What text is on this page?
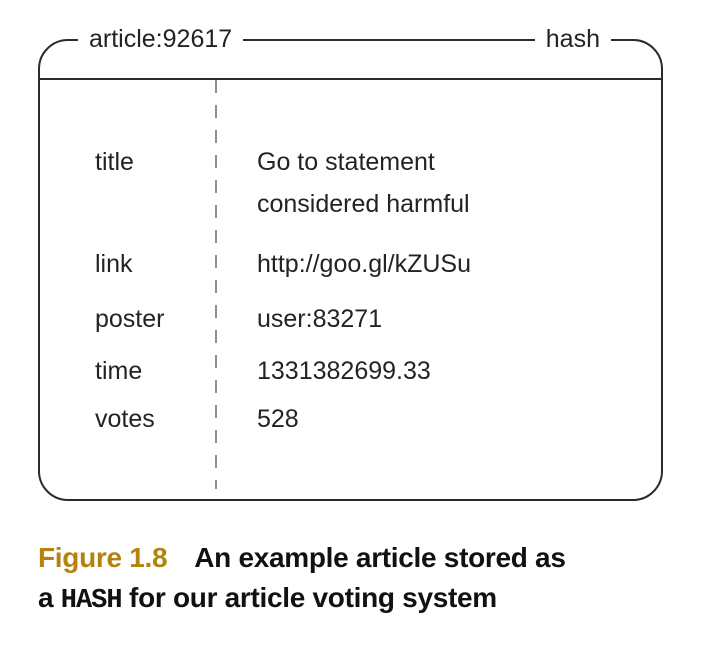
article:92617	hash
title	Go to statement considered harmful
link	http://goo.gl/kZUSu
poster	user:83271
time	1331382699.33
votes	528
Figure 1.8 An example article stored as
a HASH for our article voting system
